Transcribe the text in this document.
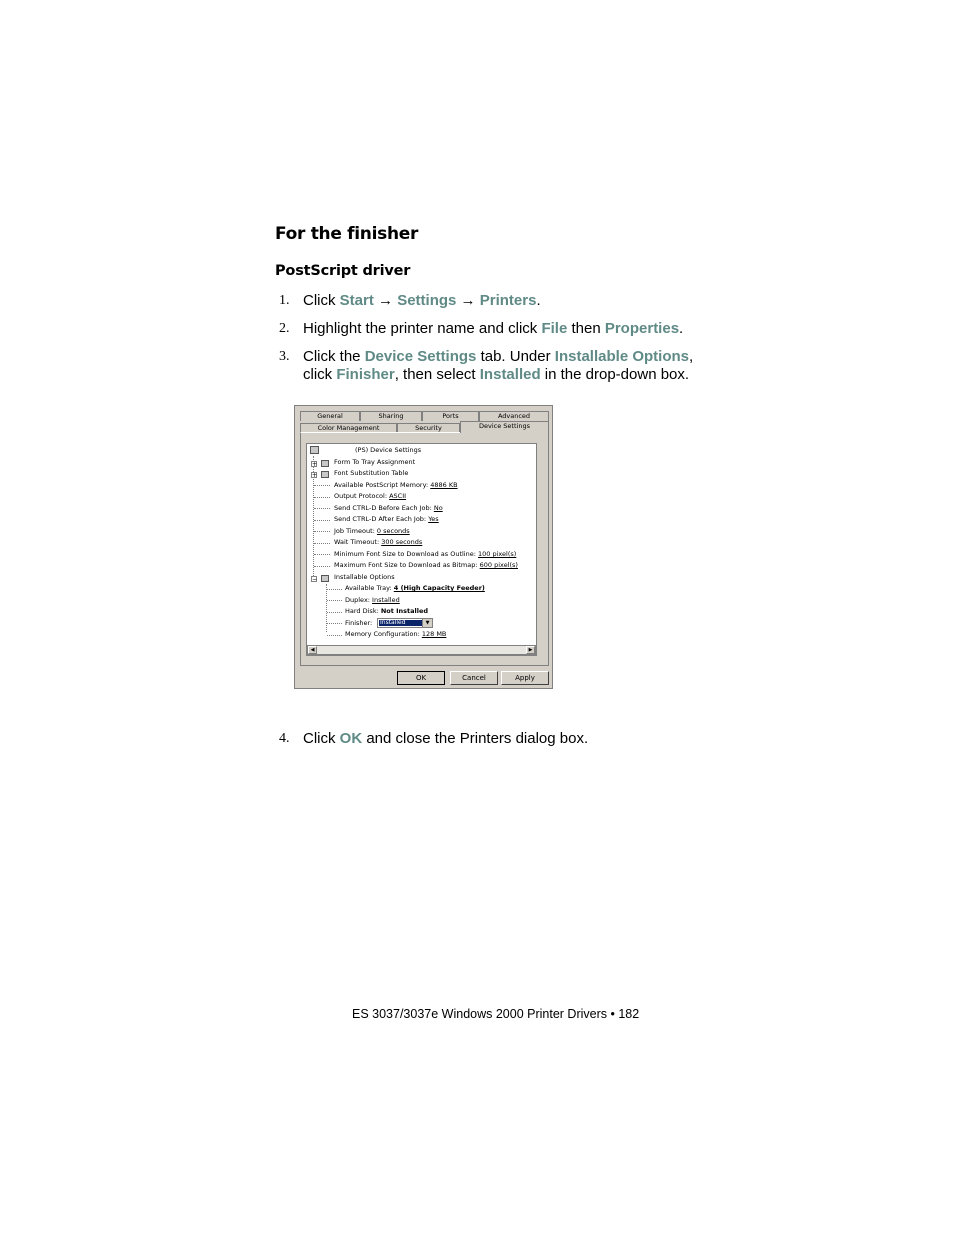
For the finisher
PostScript driver
1. Click Start → Settings → Printers.
2. Highlight the printer name and click File then Properties.
3. Click the Device Settings tab. Under Installable Options,
click Finisher, then select Installed in the drop-down box.
General	Sharing	Ports	Advanced
Color Management	Security	Device Settings
(PS) Device Settings
+	Form To Tray Assignment
+	Font Substitution Table
Available PostScript Memory: 4886 KB
Output Protocol: ASCII
Send CTRL-D Before Each Job: No
Send CTRL-D After Each Job: Yes
Job Timeout: 0 seconds
Wait Timeout: 300 seconds
Minimum Font Size to Download as Outline: 100 pixel(s)
Maximum Font Size to Download as Bitmap: 600 pixel(s)
−	Installable Options
Available Tray: 4 (High Capacity Feeder)
Duplex: Installed
Hard Disk: Not Installed
Finisher: Installed	▼
Memory Configuration: 128 MB
◀	▶
OK	Cancel	Apply
4. Click OK and close the Printers dialog box.
ES 3037/3037e Windows 2000 Printer Drivers • 182
